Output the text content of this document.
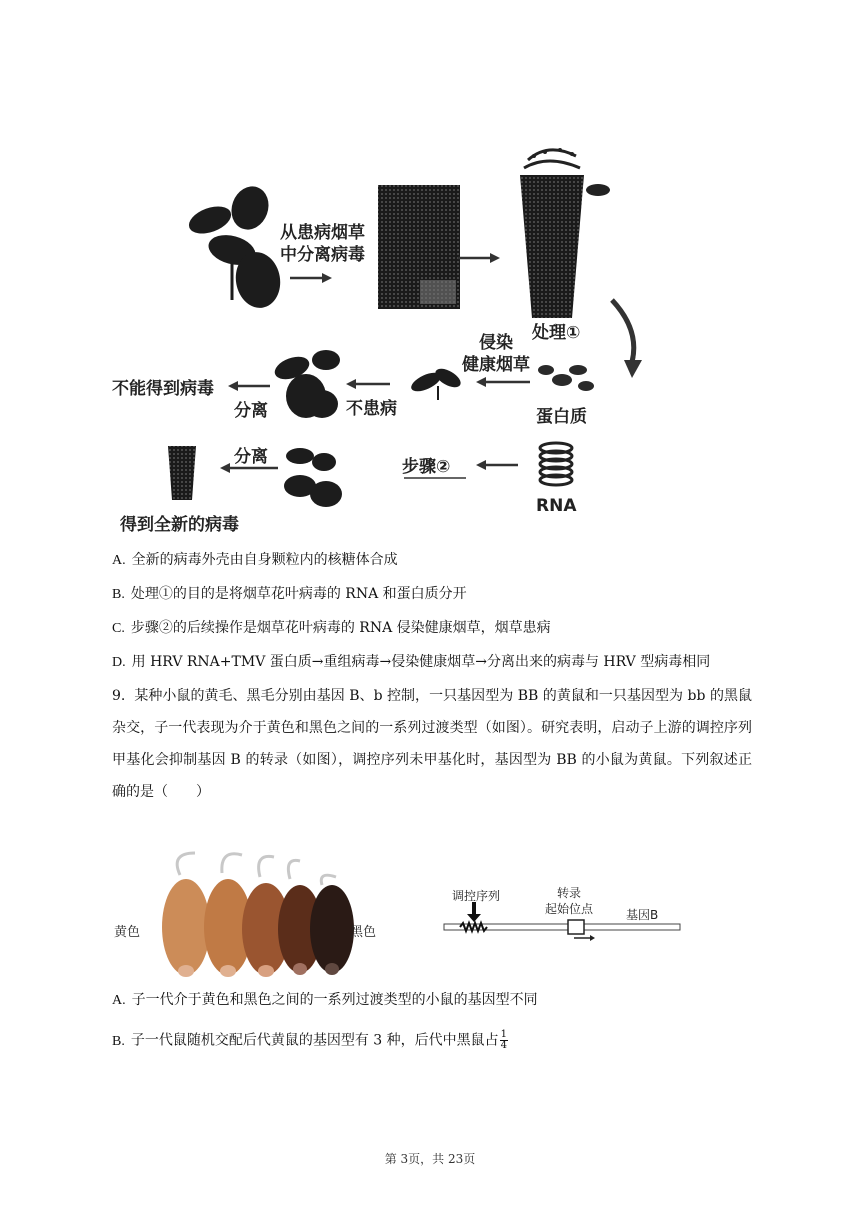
从患病烟草
中分离病毒
处理①
侵染
健康烟草
蛋白质
RNA
不患病
分离
不能得到病毒
步骤②
分离
得到全新的病毒
A. 全新的病毒外壳由自身颗粒内的核糖体合成
B. 处理①的目的是将烟草花叶病毒的 RNA 和蛋白质分开
C. 步骤②的后续操作是烟草花叶病毒的 RNA 侵染健康烟草，烟草患病
D. 用 HRV RNA+TMV 蛋白质→重组病毒→侵染健康烟草→分离出来的病毒与 HRV 型病毒相同
9. 某种小鼠的黄毛、黑毛分别由基因 B、b 控制，一只基因型为 BB 的黄鼠和一只基因型为 bb 的黑鼠杂交，子一代表现为介于黄色和黑色之间的一系列过渡类型（如图）。研究表明，启动子上游的调控序列甲基化会抑制基因 B 的转录（如图），调控序列未甲基化时，基因型为 BB 的小鼠为黄鼠。下列叙述正确的是（　　）
黄色	黑色
调控序列	转录
起始位点	基因B
A. 子一代介于黄色和黑色之间的一系列过渡类型的小鼠的基因型不同
B. 子一代鼠随机交配后代黄鼠的基因型有 3 种，后代中黑鼠占 $\frac{1}{4}$
第 3页，共 23页
